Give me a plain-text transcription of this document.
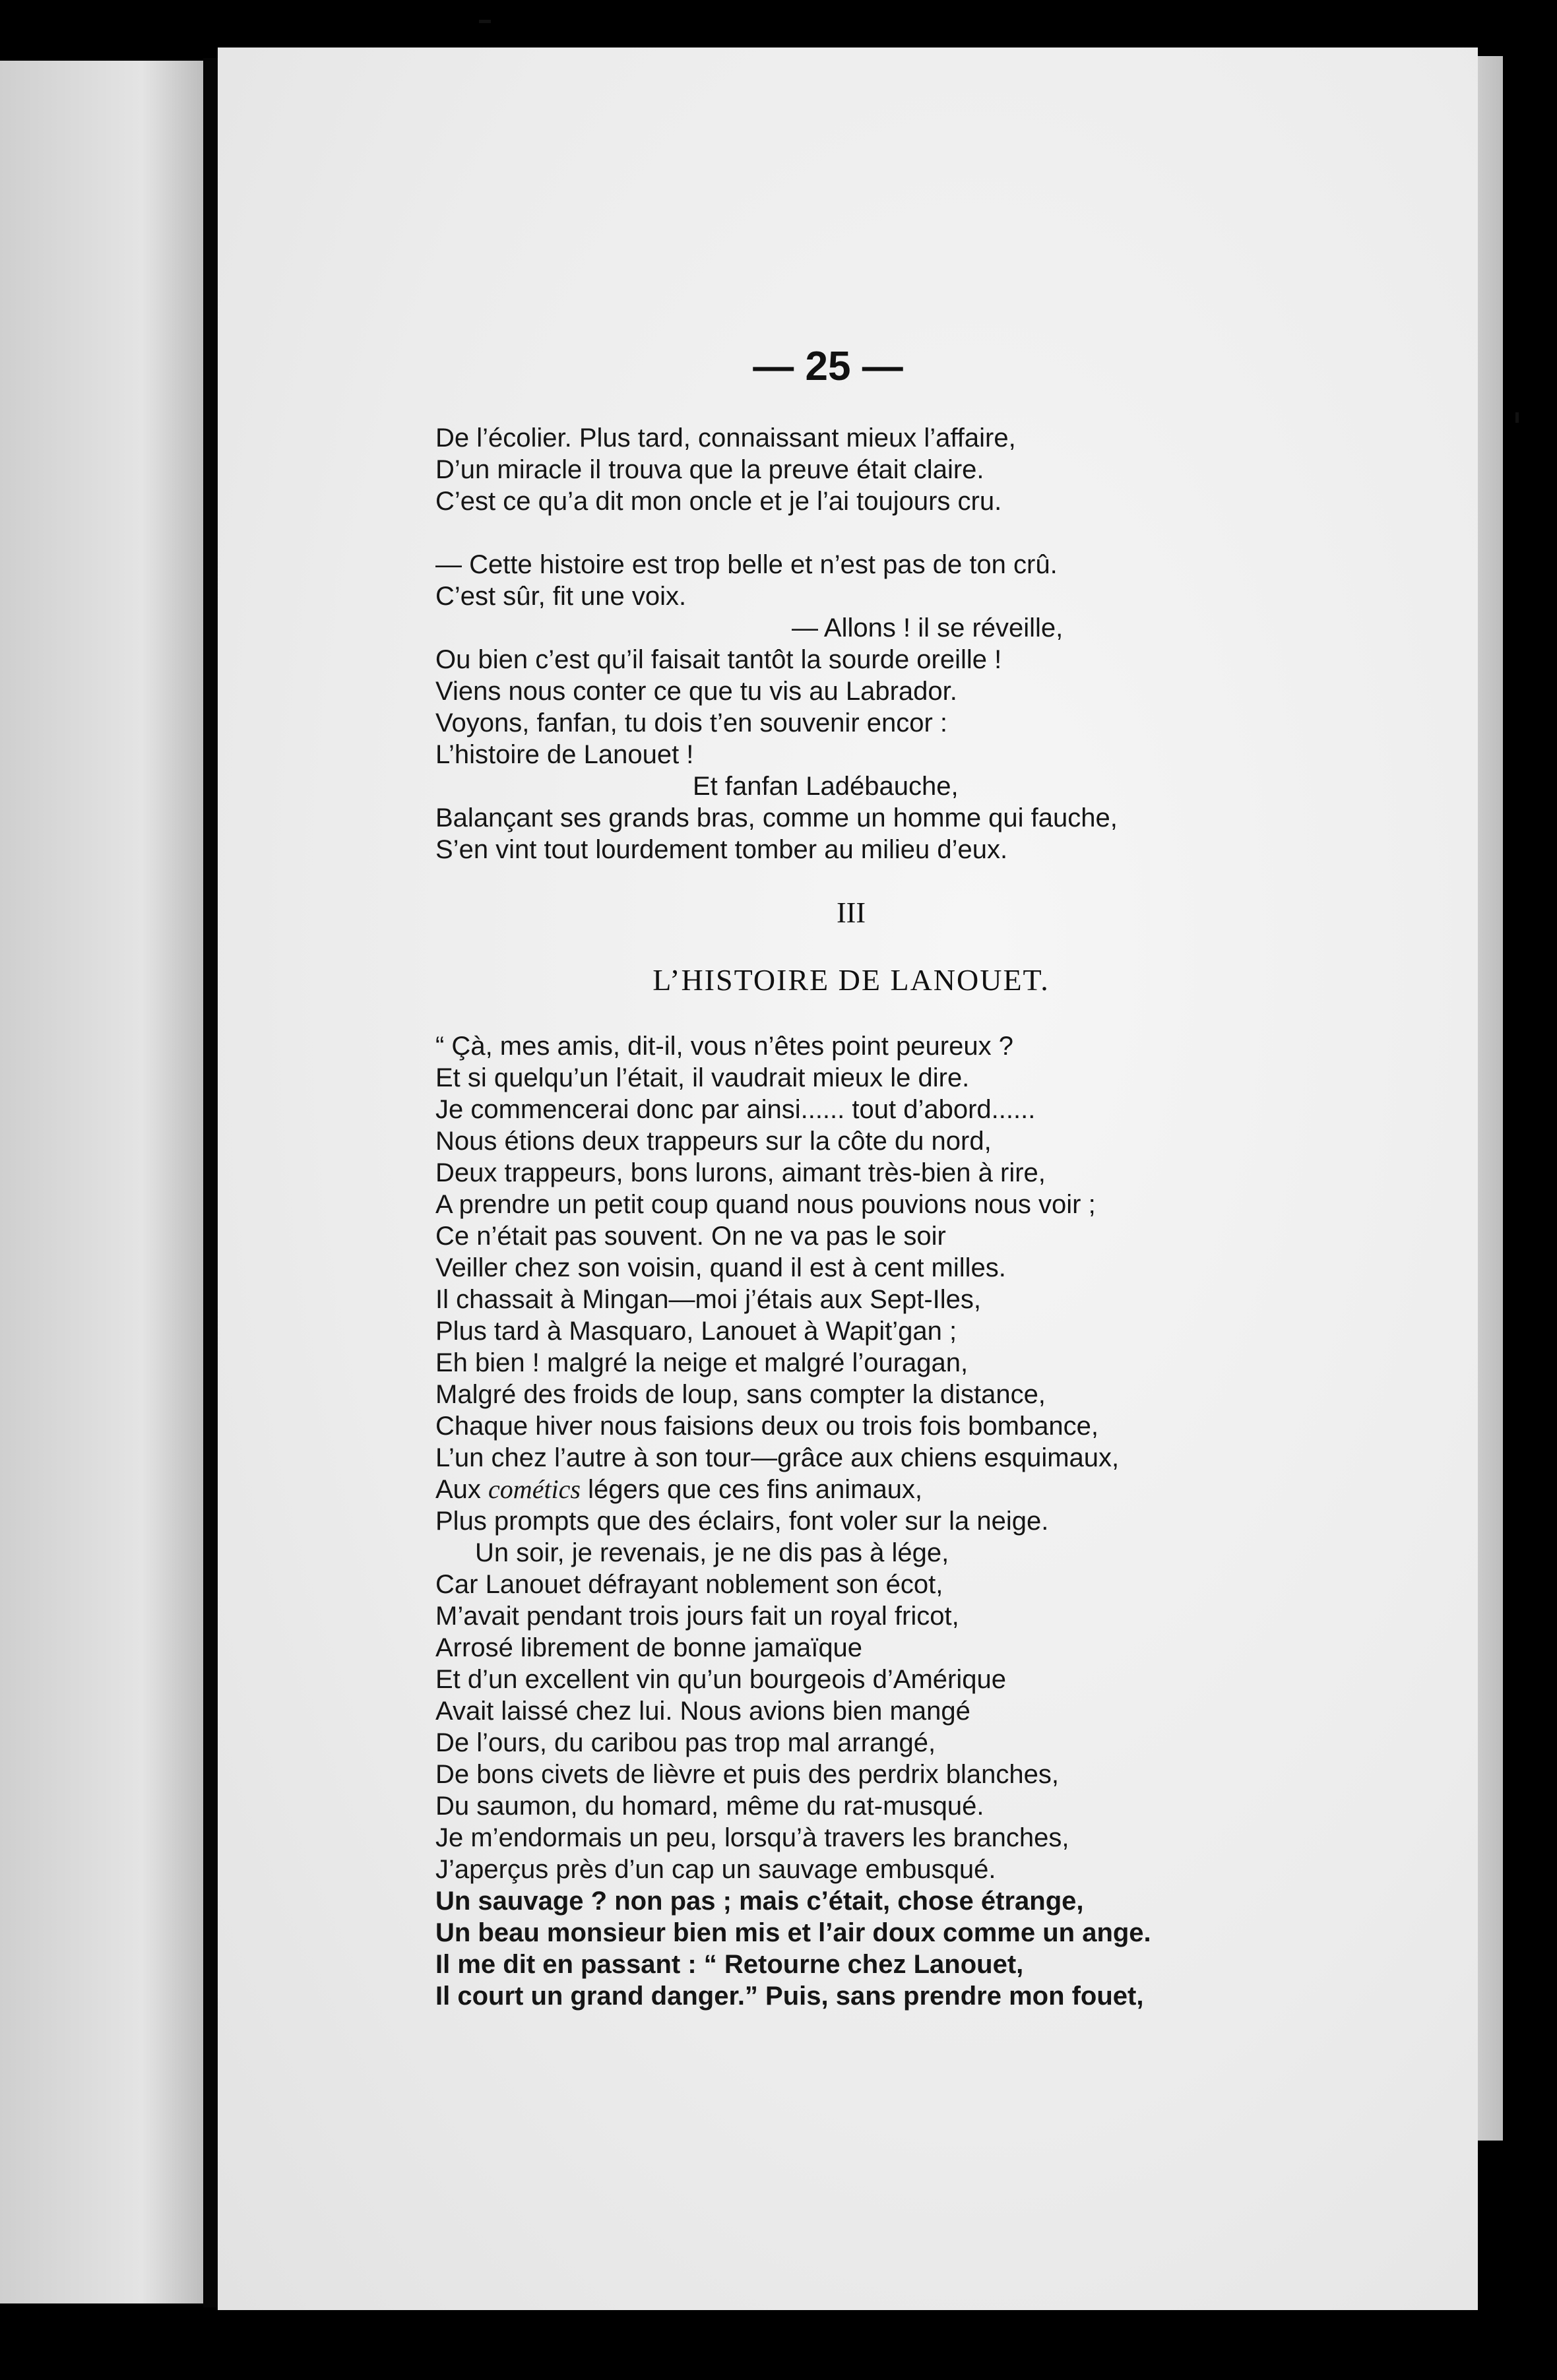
— 25 —
De l’écolier. Plus tard, connaissant mieux l’affaire,
D’un miracle il trouva que la preuve était claire.
C’est ce qu’a dit mon oncle et je l’ai toujours cru.
— Cette histoire est trop belle et n’est pas de ton crû.
C’est sûr, fit une voix.
— Allons ! il se réveille,
Ou bien c’est qu’il faisait tantôt la sourde oreille !
Viens nous conter ce que tu vis au Labrador.
Voyons, fanfan, tu dois t’en souvenir encor :
L’histoire de Lanouet !
Et fanfan Ladébauche,
Balançant ses grands bras, comme un homme qui fauche,
S’en vint tout lourdement tomber au milieu d’eux.
III
L’HISTOIRE DE LANOUET.
“ Çà, mes amis, dit-il, vous n’êtes point peureux ?
Et si quelqu’un l’était, il vaudrait mieux le dire.
Je commencerai donc par ainsi...... tout d’abord......
Nous étions deux trappeurs sur la côte du nord,
Deux trappeurs, bons lurons, aimant très-bien à rire,
A prendre un petit coup quand nous pouvions nous voir ;
Ce n’était pas souvent. On ne va pas le soir
Veiller chez son voisin, quand il est à cent milles.
Il chassait à Mingan—moi j’étais aux Sept-Iles,
Plus tard à Masquaro, Lanouet à Wapit’gan ;
Eh bien ! malgré la neige et malgré l’ouragan,
Malgré des froids de loup, sans compter la distance,
Chaque hiver nous faisions deux ou trois fois bombance,
L’un chez l’autre à son tour—grâce aux chiens esquimaux,
Aux cométics légers que ces fins animaux,
Plus prompts que des éclairs, font voler sur la neige.
Un soir, je revenais, je ne dis pas à lége,
Car Lanouet défrayant noblement son écot,
M’avait pendant trois jours fait un royal fricot,
Arrosé librement de bonne jamaïque
Et d’un excellent vin qu’un bourgeois d’Amérique
Avait laissé chez lui. Nous avions bien mangé
De l’ours, du caribou pas trop mal arrangé,
De bons civets de lièvre et puis des perdrix blanches,
Du saumon, du homard, même du rat-musqué.
Je m’endormais un peu, lorsqu’à travers les branches,
J’aperçus près d’un cap un sauvage embusqué.
Un sauvage ? non pas ; mais c’était, chose étrange,
Un beau monsieur bien mis et l’air doux comme un ange.
Il me dit en passant : “ Retourne chez Lanouet,
Il court un grand danger.” Puis, sans prendre mon fouet,
